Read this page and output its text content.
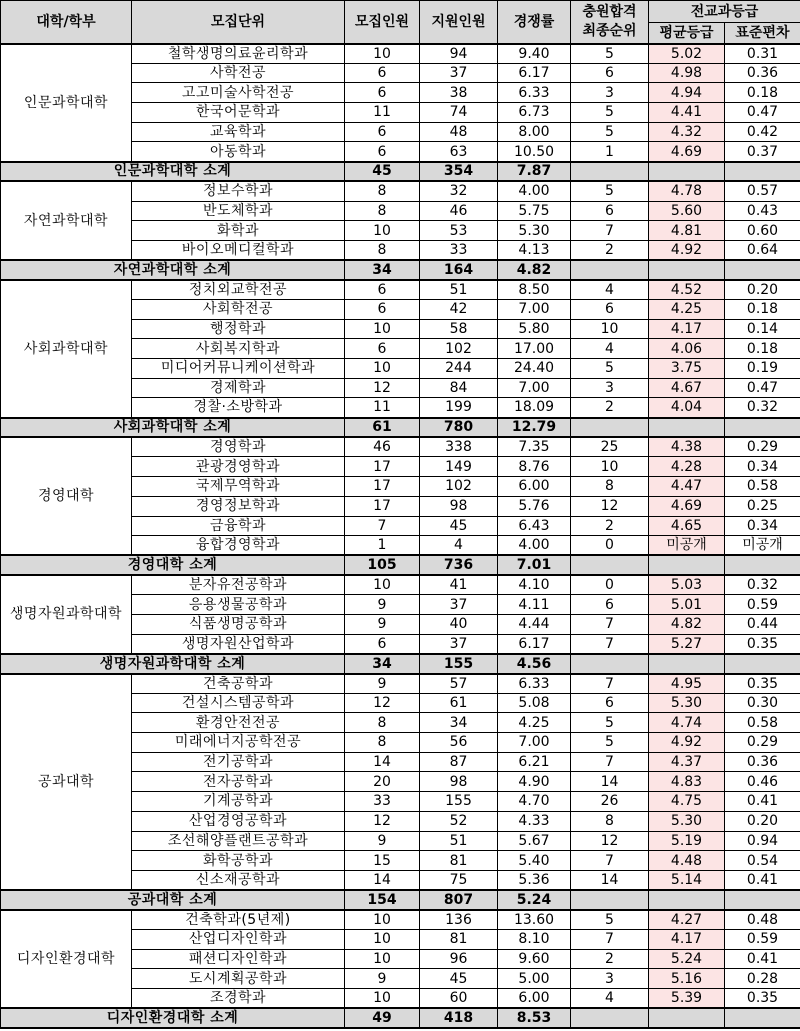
대학/학부	모집단위	모집인원	지원인원	경쟁률	충원합격
최종순위	전교과등급	
						평균등급	표준편차
인문과학대학	철학생명의료윤리학과	10	94	9.40	5	5.02	0.31
	사학전공	6	37	6.17	6	4.98	0.36
	고고미술사학전공	6	38	6.33	3	4.94	0.18
	한국어문학과	11	74	6.73	5	4.41	0.47
	교육학과	6	48	8.00	5	4.32	0.42
	아동학과	6	63	10.50	1	4.69	0.37
인문과학대학 소계		45	354	7.87			
자연과학대학	정보수학과	8	32	4.00	5	4.78	0.57
	반도체학과	8	46	5.75	6	5.60	0.43
	화학과	10	53	5.30	7	4.81	0.60
	바이오메디컬학과	8	33	4.13	2	4.92	0.64
자연과학대학 소계		34	164	4.82			
사회과학대학	정치외교학전공	6	51	8.50	4	4.52	0.20
	사회학전공	6	42	7.00	6	4.25	0.18
	행정학과	10	58	5.80	10	4.17	0.14
	사회복지학과	6	102	17.00	4	4.06	0.18
	미디어커뮤니케이션학과	10	244	24.40	5	3.75	0.19
	경제학과	12	84	7.00	3	4.67	0.47
	경찰·소방학과	11	199	18.09	2	4.04	0.32
사회과학대학 소계		61	780	12.79			
경영대학	경영학과	46	338	7.35	25	4.38	0.29
	관광경영학과	17	149	8.76	10	4.28	0.34
	국제무역학과	17	102	6.00	8	4.47	0.58
	경영정보학과	17	98	5.76	12	4.69	0.25
	금융학과	7	45	6.43	2	4.65	0.34
	융합경영학과	1	4	4.00	0	미공개	미공개
경영대학 소계		105	736	7.01			
생명자원과학대학	분자유전공학과	10	41	4.10	0	5.03	0.32
	응용생물공학과	9	37	4.11	6	5.01	0.59
	식품생명공학과	9	40	4.44	7	4.82	0.44
	생명자원산업학과	6	37	6.17	7	5.27	0.35
생명자원과학대학 소계		34	155	4.56			
공과대학	건축공학과	9	57	6.33	7	4.95	0.35
	건설시스템공학과	12	61	5.08	6	5.30	0.30
	환경안전전공	8	34	4.25	5	4.74	0.58
	미래에너지공학전공	8	56	7.00	5	4.92	0.29
	전기공학과	14	87	6.21	7	4.37	0.36
	전자공학과	20	98	4.90	14	4.83	0.46
	기계공학과	33	155	4.70	26	4.75	0.41
	산업경영공학과	12	52	4.33	8	5.30	0.20
	조선해양플랜트공학과	9	51	5.67	12	5.19	0.94
	화학공학과	15	81	5.40	7	4.48	0.54
	신소재공학과	14	75	5.36	14	5.14	0.41
공과대학 소계		154	807	5.24			
디자인환경대학	건축학과(5년제)	10	136	13.60	5	4.27	0.48
	산업디자인학과	10	81	8.10	7	4.17	0.59
	패션디자인학과	10	96	9.60	2	5.24	0.41
	도시계획공학과	9	45	5.00	3	5.16	0.28
	조경학과	10	60	6.00	4	5.39	0.35
디자인환경대학 소계		49	418	8.53			
